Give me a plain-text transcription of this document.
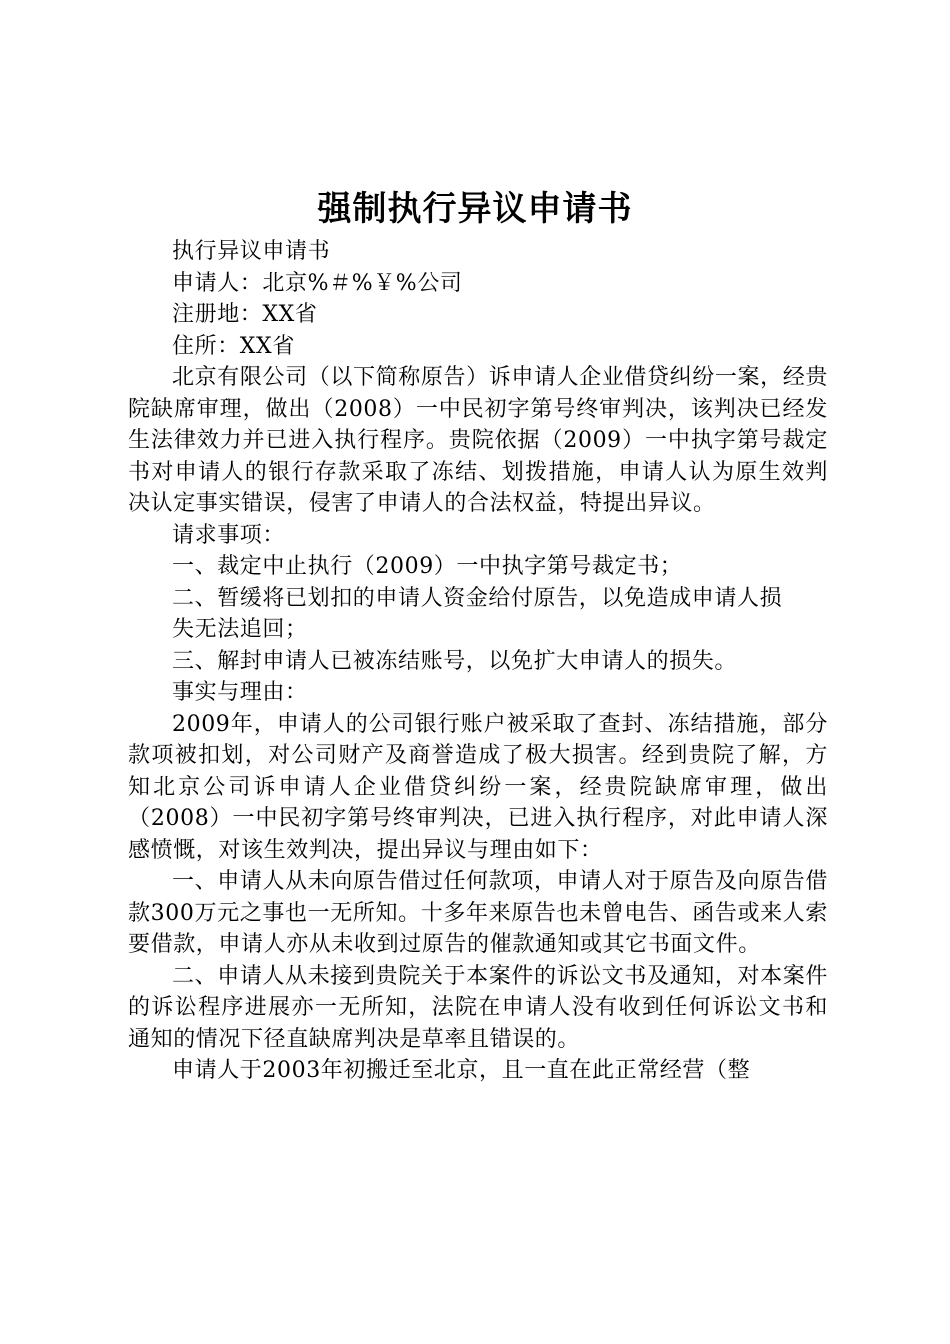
强制执行异议申请书

执行异议申请书

申请人：北京%＃%￥%公司

注册地：XX省

住所：XX省

北京有限公司（以下简称原告）诉申请人企业借贷纠纷一案，经贵院缺席审理，做出（2008）一中民初字第号终审判决，该判决已经发生法律效力并已进入执行程序。贵院依据（2009）一中执字第号裁定书对申请人的银行存款采取了冻结、划拨措施，申请人认为原生效判决认定事实错误，侵害了申请人的合法权益，特提出异议。

请求事项：

一、裁定中止执行（2009）一中执字第号裁定书；

二、暂缓将已划扣的申请人资金给付原告，以免造成申请人损

失无法追回；

三、解封申请人已被冻结账号，以免扩大申请人的损失。

事实与理由：

2009年，申请人的公司银行账户被采取了查封、冻结措施，部分款项被扣划，对公司财产及商誉造成了极大损害。经到贵院了解，方知北京公司诉申请人企业借贷纠纷一案，经贵院缺席审理，做出（2008）一中民初字第号终审判决，已进入执行程序，对此申请人深感愤慨，对该生效判决，提出异议与理由如下：

一、申请人从未向原告借过任何款项，申请人对于原告及向原告借款300万元之事也一无所知。十多年来原告也未曾电告、函告或来人索要借款，申请人亦从未收到过原告的催款通知或其它书面文件。

二、申请人从未接到贵院关于本案件的诉讼文书及通知，对本案件的诉讼程序进展亦一无所知，法院在申请人没有收到任何诉讼文书和通知的情况下径直缺席判决是草率且错误的。

申请人于2003年初搬迁至北京，且一直在此正常经营（整
